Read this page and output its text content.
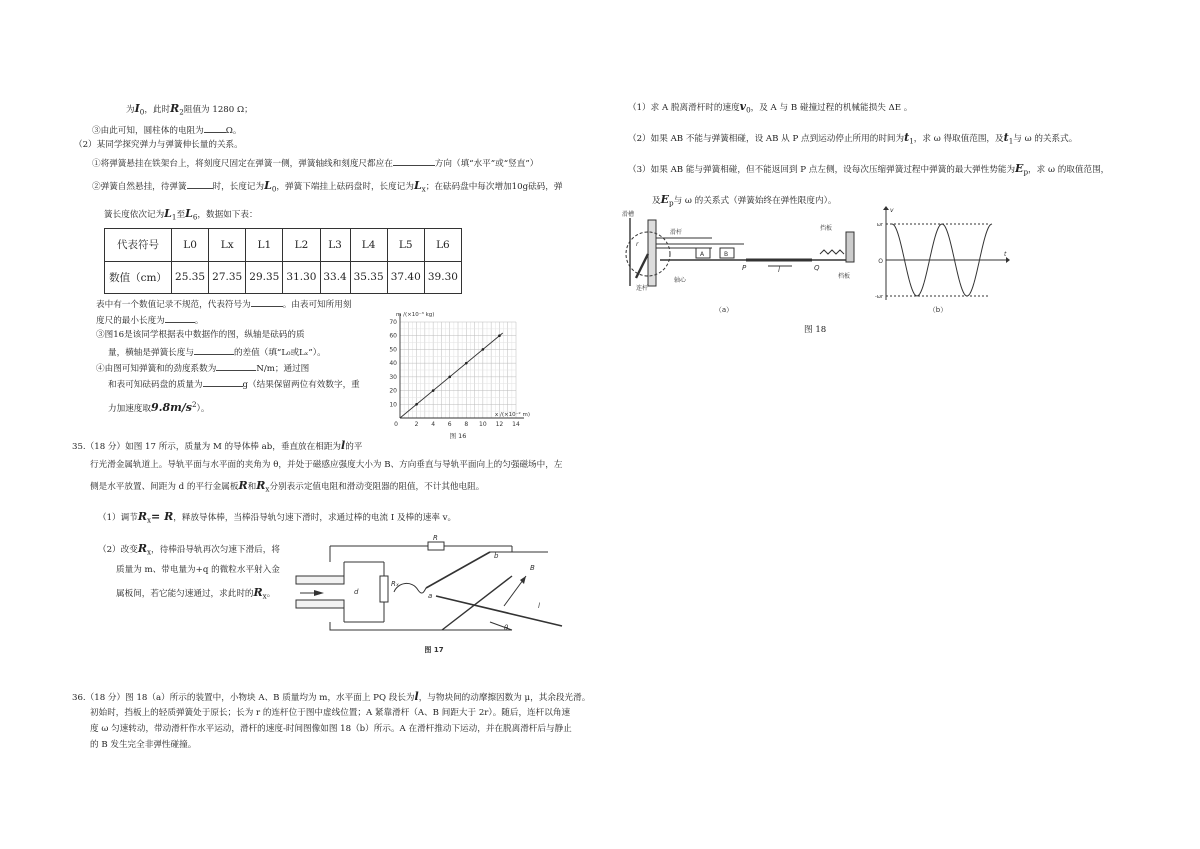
为$I_0$，此时$R_2$阻值为 1280 Ω；
③由此可知，圆柱体的电阻为	Ω。
（2）某同学探究弹力与弹簧伸长量的关系。
①将弹簧悬挂在铁架台上，将刻度尺固定在弹簧一侧，弹簧轴线和刻度尺都应在	方向（填“水平”或“竖直”）
②弹簧自然悬挂，待弹簧	时，长度记为$L_0$，弹簧下端挂上砝码盘时，长度记为$L_x$；在砝码盘中每次增加10g砝码，弹
簧长度依次记为$L_1$至$L_6$，数据如下表：
代表符号	L0	Lx	L1	L2	L3	L4	L5	L6
数值（cm）	25.35	27.35	29.35	31.30	33.4	35.35	37.40	39.30
表中有一个数值记录不规范，代表符号为	。由表可知所用刻
度尺的最小长度为	。
③图16是该同学根据表中数据作的图，纵轴是砝码的质
量，横轴是弹簧长度与	的差值（填“L₀或Lₓ”）。
④由图可知弹簧和的劲度系数为	N/m；通过图
和表可知砝码盘的质量为	g（结果保留两位有效数字，重
力加速度取$9.8m/s^2$）。	10
20
30
40
50
60
70
2 4 6 8 10 12 14
0
m /(×10⁻³ kg)
x /(×10⁻² m)
图 16
35.（18 分）如图 17 所示，质量为 M 的导体棒 ab，垂直放在相距为l的平
行光滑金属轨道上。导轨平面与水平面的夹角为 θ，并处于磁感应强度大小为 B、方向垂直与导轨平面向上的匀强磁场中，左
侧是水平放置、间距为 d 的平行金属板R和$R_x$分别表示定值电阻和滑动变阻器的阻值，不计其他电阻。
（1）调节$R_x= R$，释放导体棒，当棒沿导轨匀速下滑时，求通过棒的电流 I 及棒的速率 v。
（2）改变$R_x$，待棒沿导轨再次匀速下滑后，将
质量为 m、带电量为+q 的微粒水平射入金
属板间，若它能匀速通过，求此时的$R_x$。
R
Rₓ
d	a
b
B
l
θ
图 17
36.（18 分）图 18（a）所示的装置中，小物块 A、B 质量均为 m，水平面上 PQ 段长为l，与物块间的动摩擦因数为 μ，其余段光滑。
初始时，挡板上的轻质弹簧处于原长；长为 r 的连杆位于图中虚线位置；A 紧靠滑杆（A、B 间距大于 2r）。随后，连杆以角速
度 ω 匀速转动，带动滑杆作水平运动，滑杆的速度-时间图像如图 18（b）所示。A 在滑杆推动下运动，并在脱离滑杆后与静止
的 B 发生完全非弹性碰撞。
（1）求 A 脱离滑杆时的速度$v_0$，及 A 与 B 碰撞过程的机械能损失 ΔE 。
（2）如果 AB 不能与弹簧相碰，设 AB 从 P 点到运动停止所用的时间为$t_1$，求 ω 得取值范围，及$t_1$与 ω 的关系式。
（3）如果 AB 能与弹簧相碰，但不能返回到 P 点左侧，设每次压缩弹簧过程中弹簧的最大弹性势能为$E_p$，求 ω 的取值范围，
及$E_p$与 ω 的关系式（弹簧始终在弹性限度内）。
滑槽
滑杆
连杆
挡板
r
P	Q
l
A	B
轴心
档板
（a）
v
t
ωr
-ωr
O
（b）
图 18
